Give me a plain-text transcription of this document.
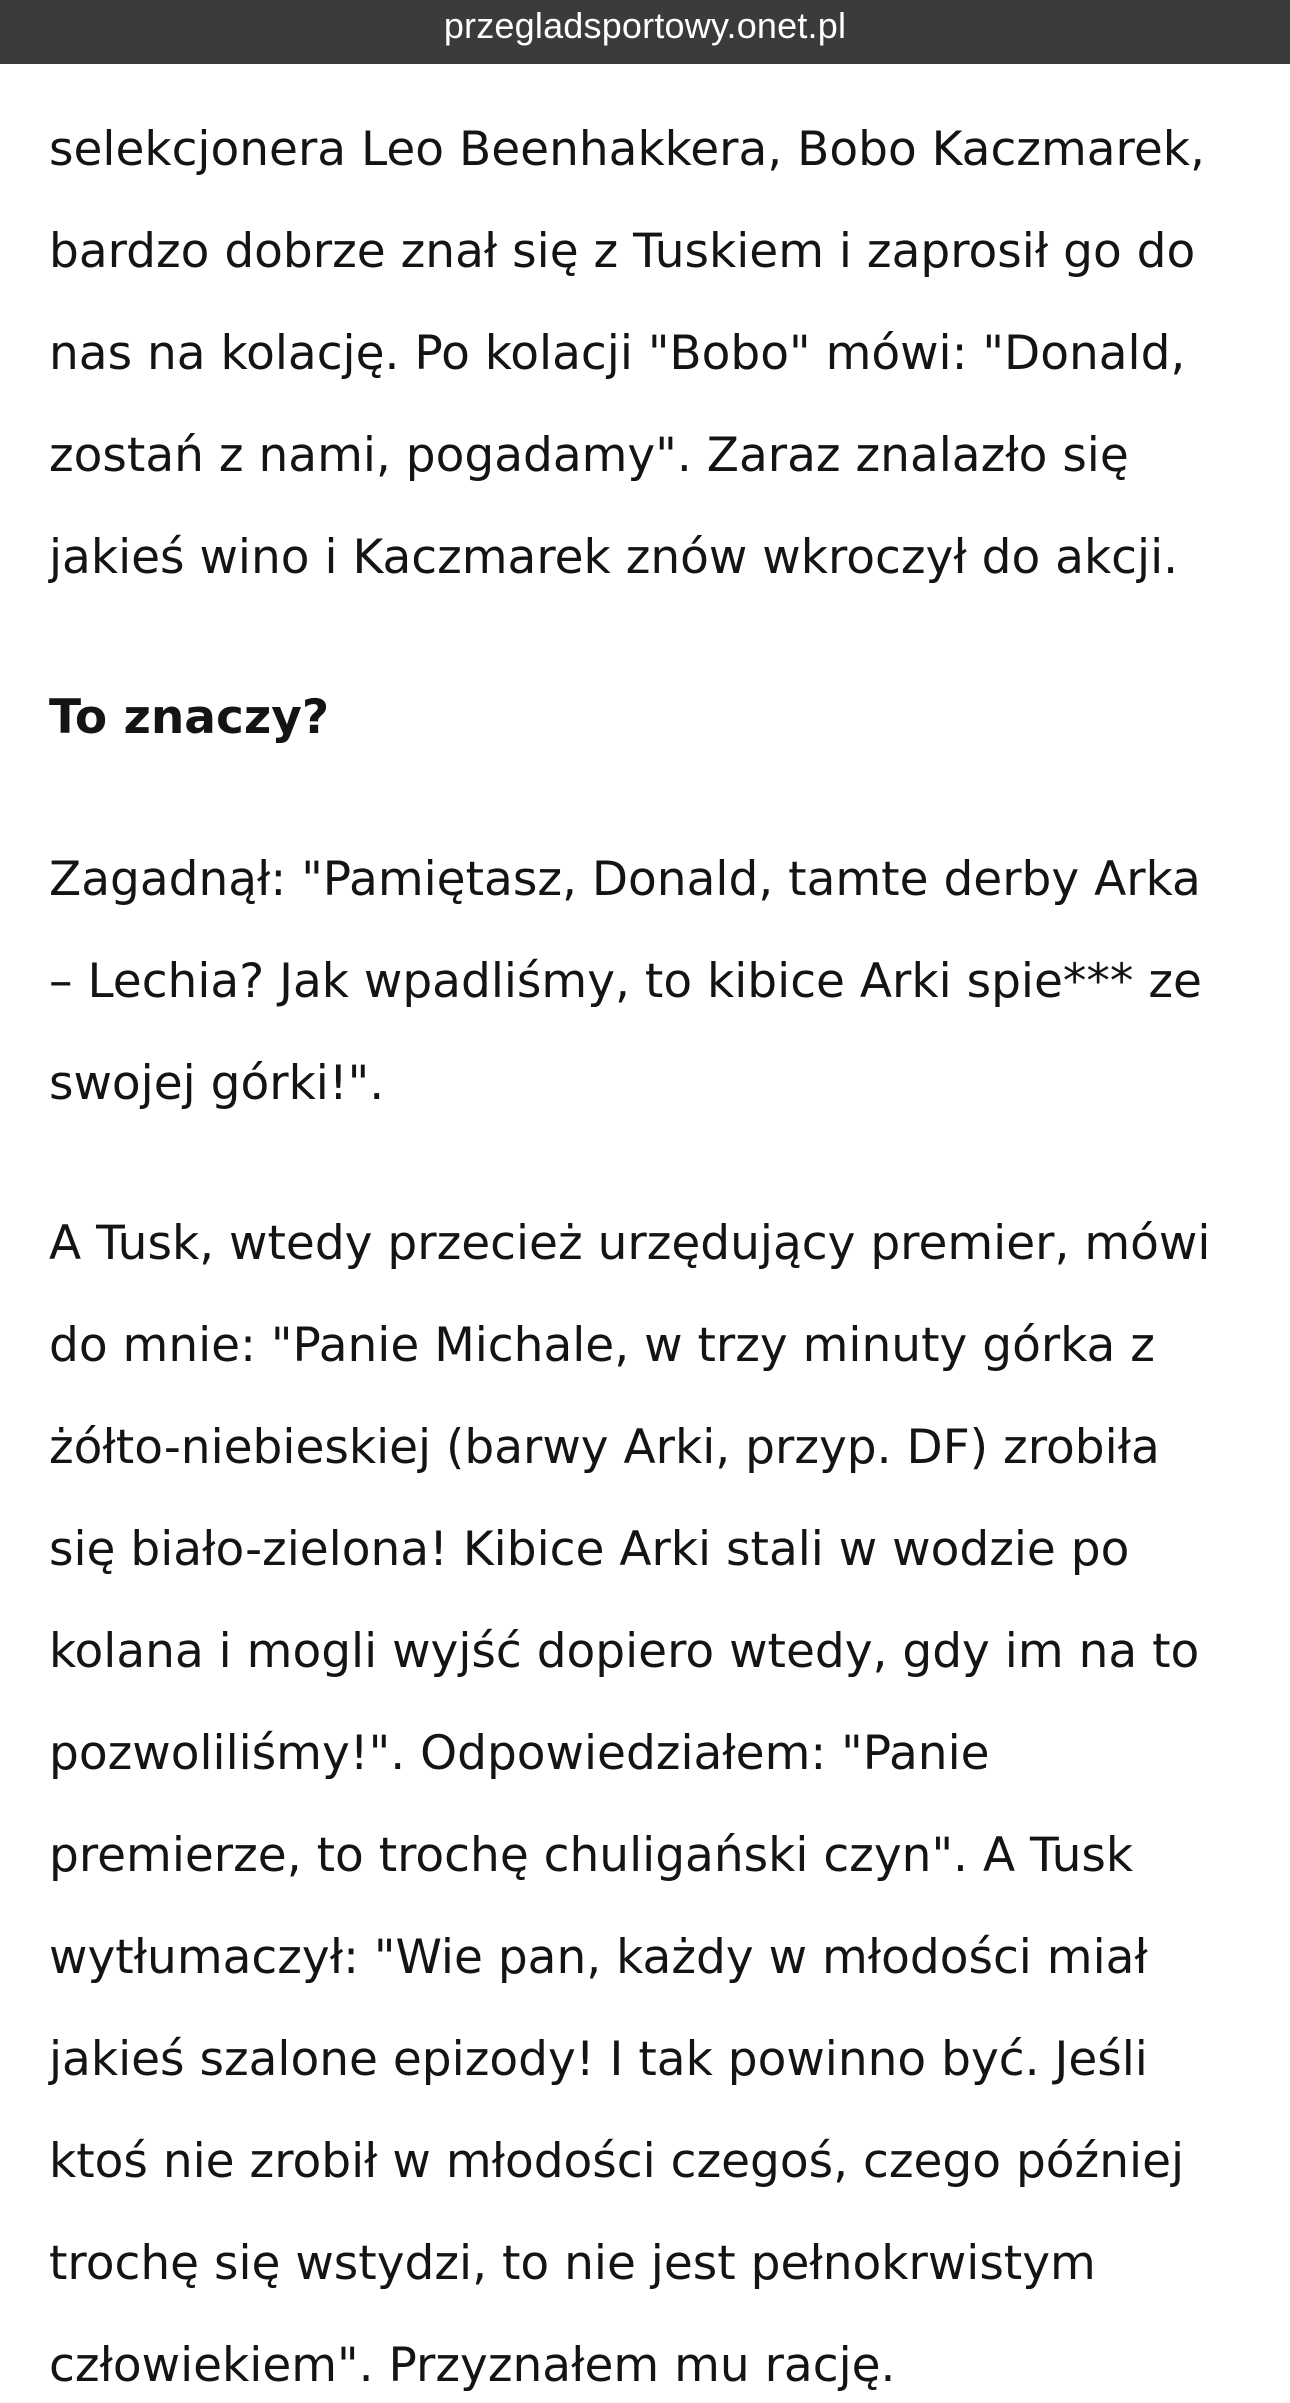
przegladsportowy.onet.pl
selekcjonera Leo Beenhakkera, Bobo Kaczmarek,
bardzo dobrze znał się z Tuskiem i zaprosił go do
nas na kolację. Po kolacji "Bobo" mówi: "Donald,
zostań z nami, pogadamy". Zaraz znalazło się
jakieś wino i Kaczmarek znów wkroczył do akcji.
To znaczy?
Zagadnął: "Pamiętasz, Donald, tamte derby Arka
– Lechia? Jak wpadliśmy, to kibice Arki spie*** ze
swojej górki!".
A Tusk, wtedy przecież urzędujący premier, mówi
do mnie: "Panie Michale, w trzy minuty górka z
żółto-niebieskiej (barwy Arki, przyp. DF) zrobiła
się biało-zielona! Kibice Arki stali w wodzie po
kolana i mogli wyjść dopiero wtedy, gdy im na to
pozwoliliśmy!". Odpowiedziałem: "Panie
premierze, to trochę chuligański czyn". A Tusk
wytłumaczył: "Wie pan, każdy w młodości miał
jakieś szalone epizody! I tak powinno być. Jeśli
ktoś nie zrobił w młodości czegoś, czego później
trochę się wstydzi, to nie jest pełnokrwistym
człowiekiem". Przyznałem mu rację.
